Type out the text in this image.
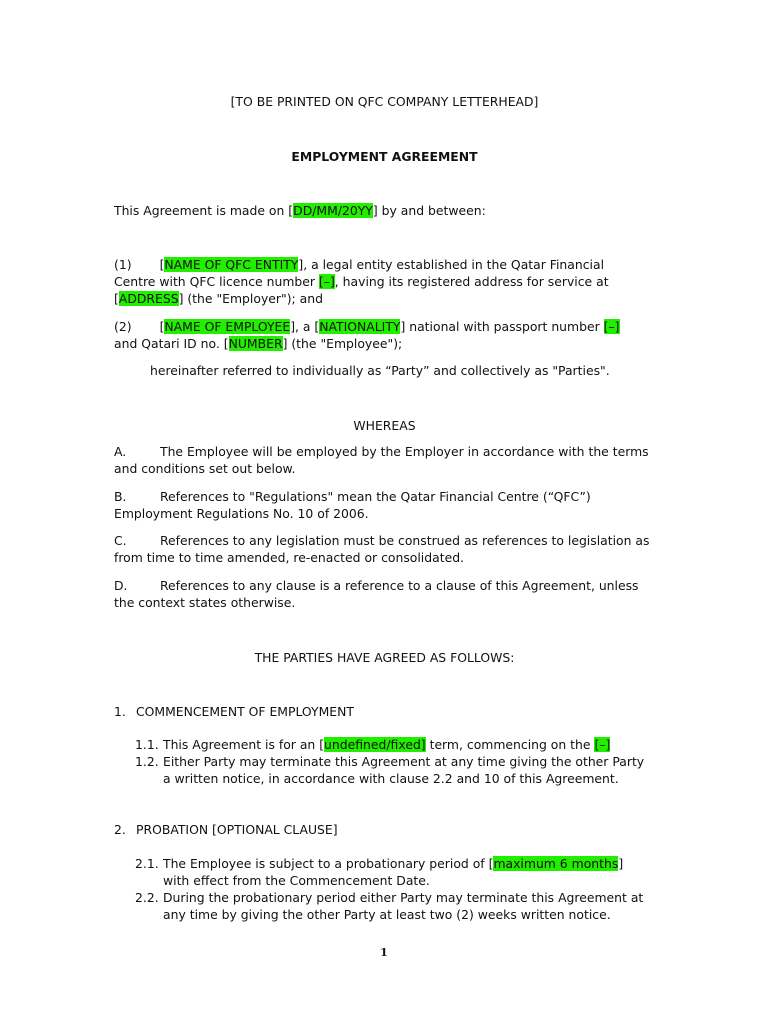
[TO BE PRINTED ON QFC COMPANY LETTERHEAD]
EMPLOYMENT AGREEMENT
This Agreement is made on [DD/MM/20YY] by and between:
(1) [NAME OF QFC ENTITY], a legal entity established in the Qatar Financial
Centre with QFC licence number [–], having its registered address for service at
[ADDRESS] (the "Employer"); and
(2) [NAME OF EMPLOYEE], a [NATIONALITY] national with passport number [–]
and Qatari ID no. [NUMBER] (the "Employee");
hereinafter referred to individually as “Party” and collectively as "Parties".
WHEREAS
A.	The Employee will be employed by the Employer in accordance with the terms
and conditions set out below.
B.	References to "Regulations" mean the Qatar Financial Centre (“QFC”)
Employment Regulations No. 10 of 2006.
C.	References to any legislation must be construed as references to legislation as
from time to time amended, re-enacted or consolidated.
D.	References to any clause is a reference to a clause of this Agreement, unless
the context states otherwise.
THE PARTIES HAVE AGREED AS FOLLOWS:
1. COMMENCEMENT OF EMPLOYMENT
1.1. This Agreement is for an [undefined/fixed] term, commencing on the [–]
1.2. Either Party may terminate this Agreement at any time giving the other Party
a written notice, in accordance with clause 2.2 and 10 of this Agreement.
2. PROBATION [OPTIONAL CLAUSE]
2.1. The Employee is subject to a probationary period of [maximum 6 months]
with effect from the Commencement Date.
2.2. During the probationary period either Party may terminate this Agreement at
any time by giving the other Party at least two (2) weeks written notice.
1
